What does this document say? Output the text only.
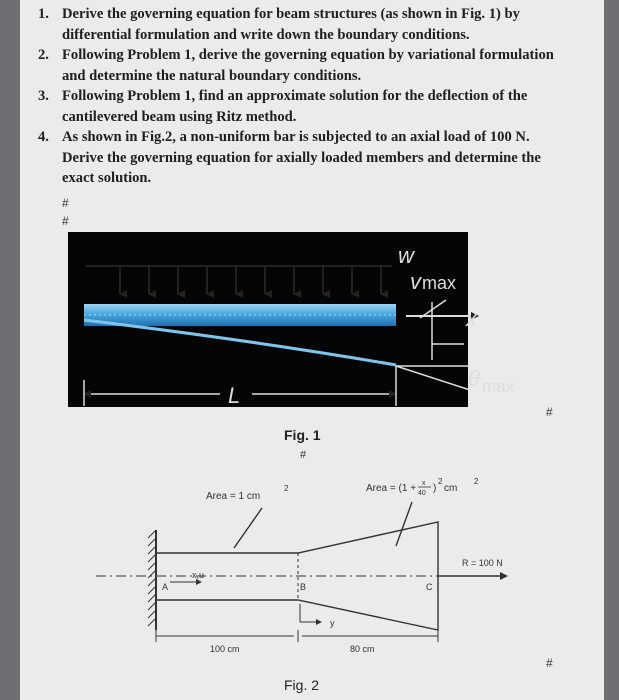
1. Derive the governing equation for beam structures (as shown in Fig. 1) by differential formulation and write down the boundary conditions.
2. Following Problem 1, derive the governing equation by variational formulation and determine the natural boundary conditions.
3. Following Problem 1, find an approximate solution for the deflection of the cantilevered beam using Ritz method.
4. As shown in Fig.2, a non-uniform bar is subjected to an axial load of 100 N. Derive the governing equation for axially loaded members and determine the exact solution.
#
#
#
#
w
v max
x
θ max
L
Fig. 1
#
Area = 1 cm
2	Area = (1 + x
40 )
2
cm
2
R = 100 N
x,u
A	B	C
y
100 cm	80 cm
Fig. 2
